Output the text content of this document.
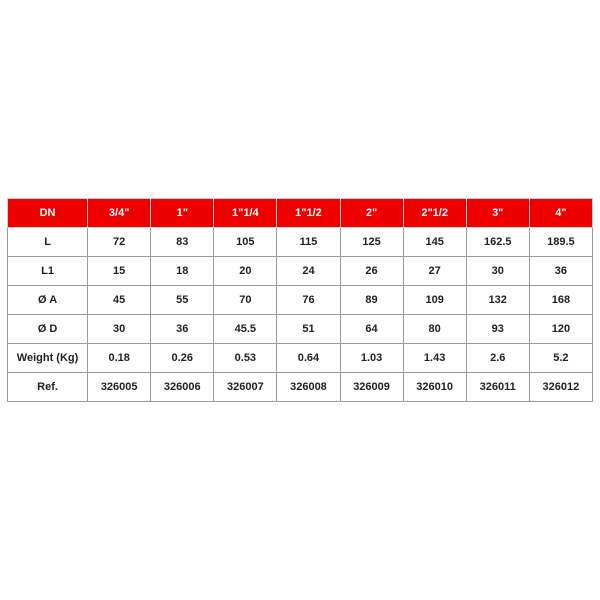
DN	3/4"	1"	1"1/4	1"1/2	2"	2"1/2	3"	4"
L	72	83	105	115	125	145	162.5	189.5
L1	15	18	20	24	26	27	30	36
Ø A	45	55	70	76	89	109	132	168
Ø D	30	36	45.5	51	64	80	93	120
Weight (Kg)	0.18	0.26	0.53	0.64	1.03	1.43	2.6	5.2
Ref.	326005	326006	326007	326008	326009	326010	326011	326012
